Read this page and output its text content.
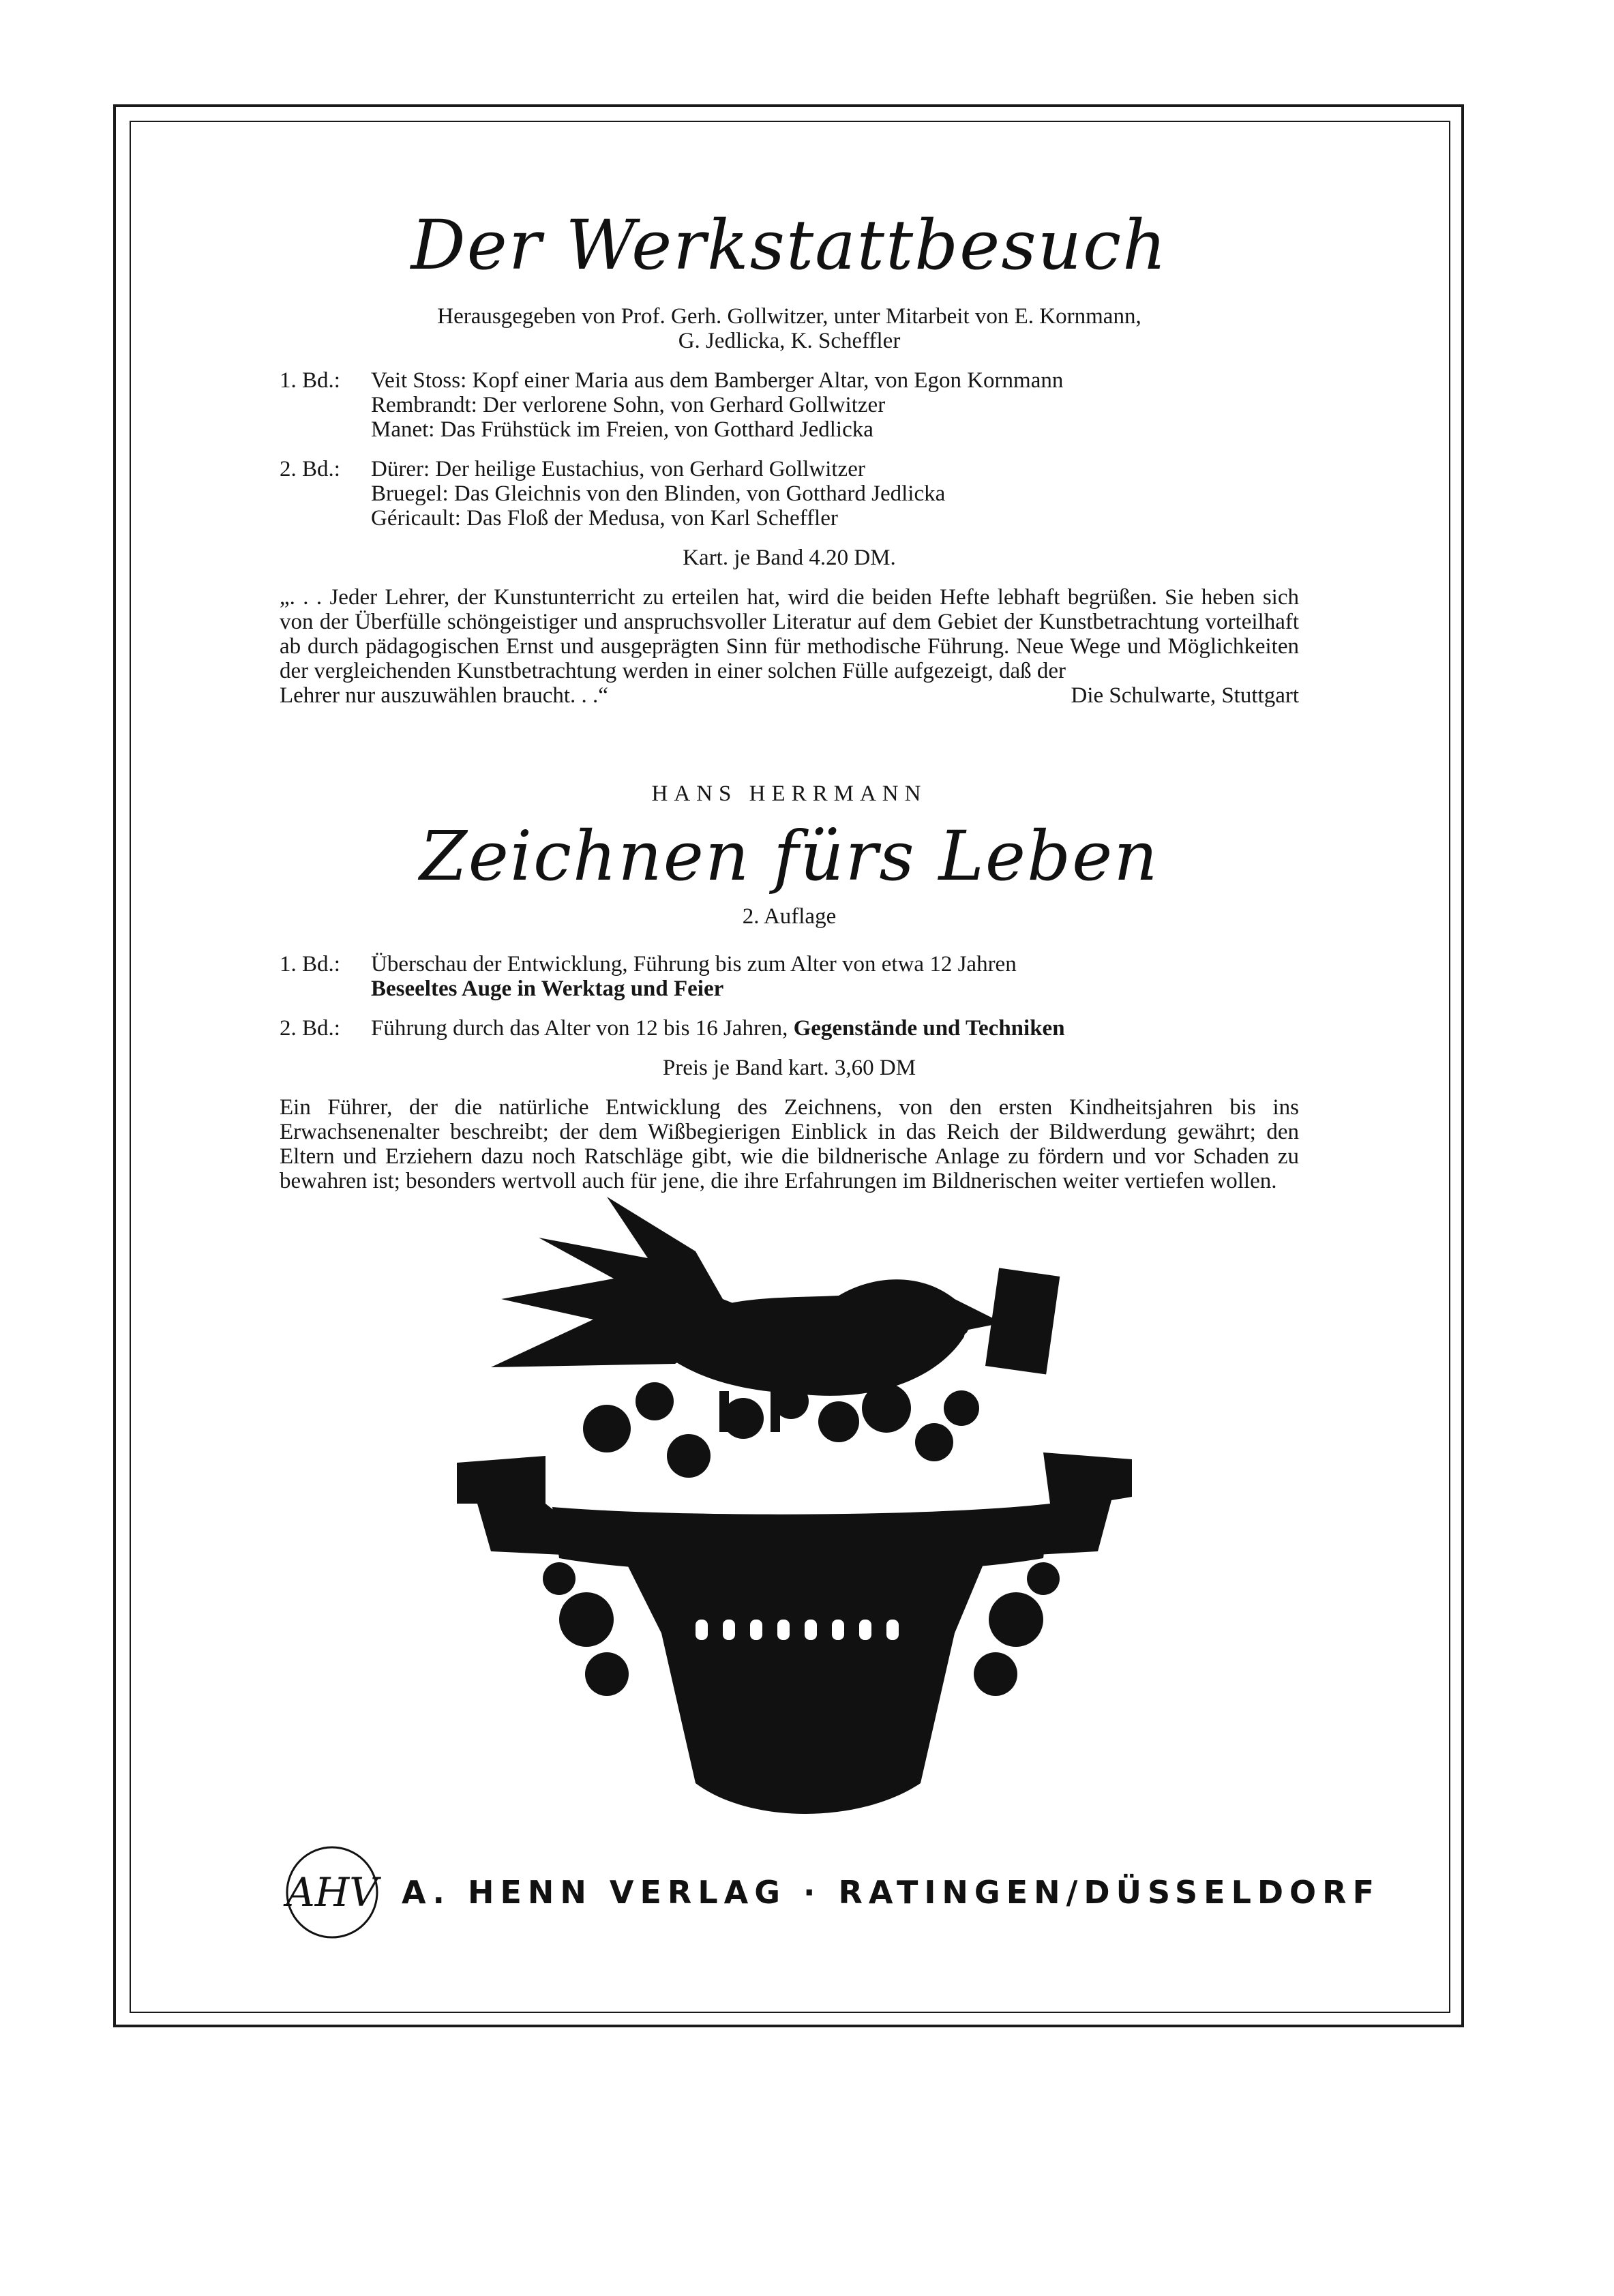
Der Werkstattbesuch
Herausgegeben von Prof. Gerh. Gollwitzer, unter Mitarbeit von E. Kornmann,
G. Jedlicka, K. Scheffler
1. Bd.:	Veit Stoss: Kopf einer Maria aus dem Bamberger Altar, von Egon Kornmann
Rembrandt: Der verlorene Sohn, von Gerhard Gollwitzer
Manet: Das Frühstück im Freien, von Gotthard Jedlicka
2. Bd.:	Dürer: Der heilige Eustachius, von Gerhard Gollwitzer
Bruegel: Das Gleichnis von den Blinden, von Gotthard Jedlicka
Géricault: Das Floß der Medusa, von Karl Scheffler
Kart. je Band 4.20 DM.
„. . . Jeder Lehrer, der Kunstunterricht zu erteilen hat, wird die beiden Hefte lebhaft begrüßen. Sie heben sich von der Überfülle schöngeistiger und anspruchsvoller Literatur auf dem Gebiet der Kunstbetrachtung vorteilhaft ab durch pädagogischen Ernst und ausgeprägten Sinn für methodische Führung. Neue Wege und Möglichkeiten der vergleichenden Kunstbetrachtung werden in einer solchen Fülle aufgezeigt, daß der
Lehrer nur auszuwählen braucht. . .“	Die Schulwarte, Stuttgart
HANS HERRMANN
Zeichnen fürs Leben
2. Auflage
1. Bd.:	Überschau der Entwicklung, Führung bis zum Alter von etwa 12 Jahren
Beseeltes Auge in Werktag und Feier
2. Bd.:	Führung durch das Alter von 12 bis 16 Jahren, Gegenstände und Techniken
Preis je Band kart. 3,60 DM
Ein Führer, der die natürliche Entwicklung des Zeichnens, von den ersten Kindheitsjahren bis ins Erwachsenenalter beschreibt; der dem Wißbegierigen Einblick in das Reich der Bildwerdung gewährt; den Eltern und Erziehern dazu noch Ratschläge gibt, wie die bildnerische Anlage zu fördern und vor Schaden zu bewahren ist; besonders wertvoll auch für jene, die ihre Erfahrungen im Bildnerischen weiter vertiefen wollen.
AHV A. HENN VERLAG · RATINGEN/DÜSSELDORF
